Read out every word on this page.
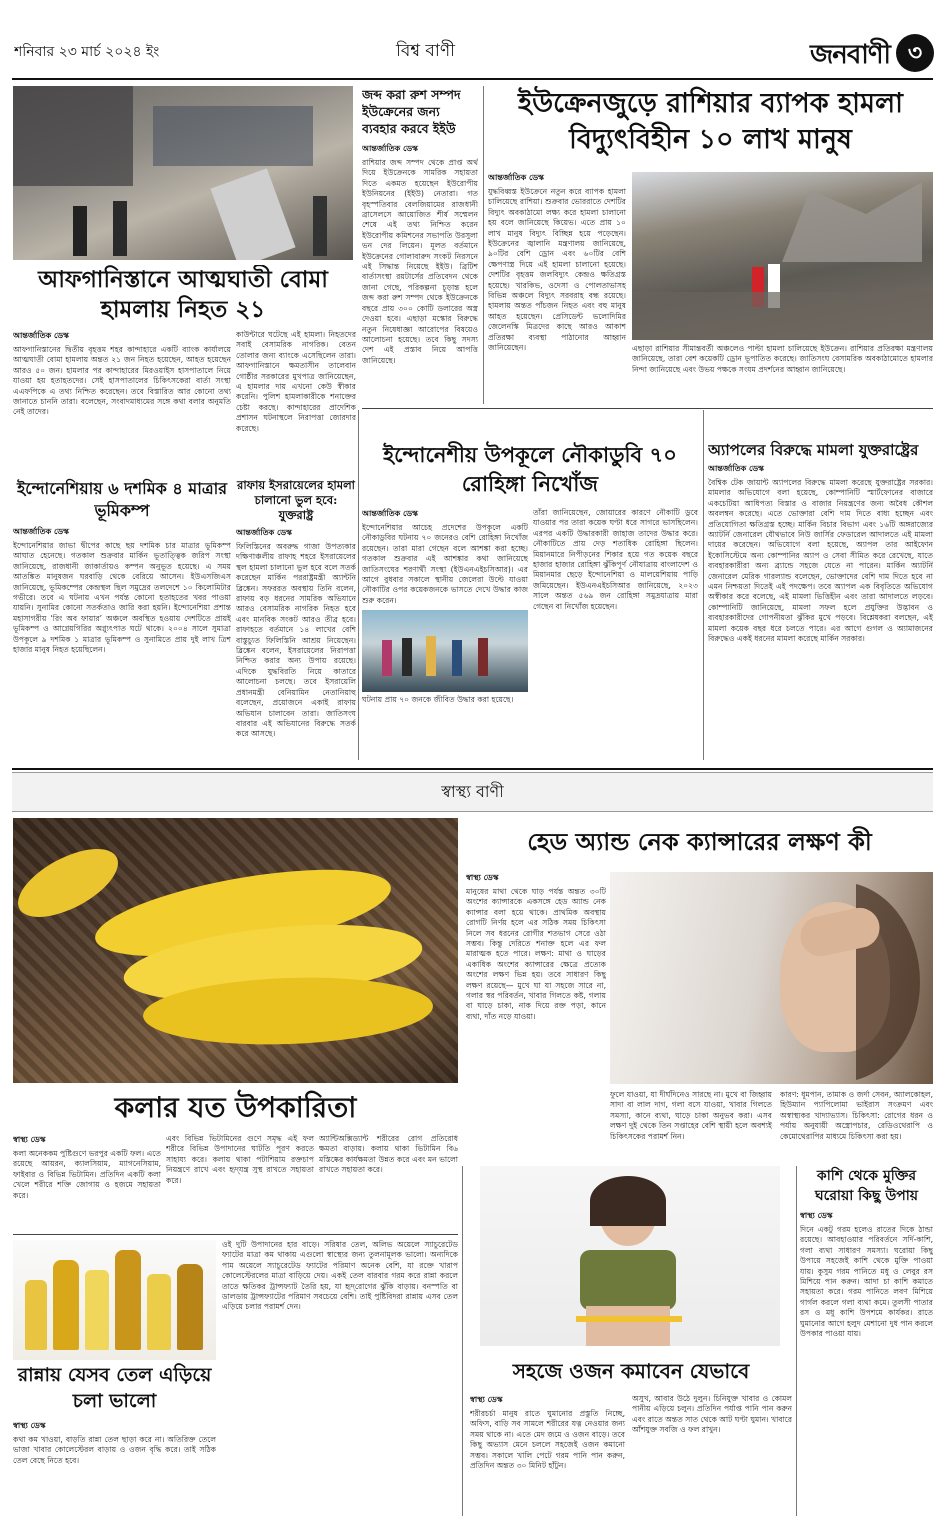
শনিবার ২৩ মার্চ ২০২৪ ইং	বিশ্ব বাণী	জনবাণী ৩
জব্দ করা রুশ সম্পদ ইউক্রেনের জন্য ব্যবহার করবে ইইউ

আন্তর্জাতিক ডেস্ক

রাশিয়ার জব্দ সম্পদ থেকে প্রাপ্ত অর্থ দিয়ে ইউক্রেনকে সামরিক সহায়তা দিতে একমত হয়েছেন ইউরোপীয় ইউনিয়নের (ইইউ) নেতারা। গত বৃহস্পতিবার বেলজিয়ামের রাজধানী ব্রাসেলসে আয়োজিত শীর্ষ সম্মেলন শেষে এই তথ্য নিশ্চিত করেন ইউরোপীয় কমিশনের সভাপতি উরসুলা ভন দের লিয়েন। মূলত বর্তমানে ইউক্রেনের গোলাবারুদ সংকট নিরসনে এই সিদ্ধান্ত নিয়েছে ইইউ। ব্রিটিশ বার্তাসংস্থা রয়টার্সের প্রতিবেদন থেকে জানা গেছে, পরিকল্পনা চূড়ান্ত হলে জব্দ করা রুশ সম্পদ থেকে ইউক্রেনকে বছরে প্রায় ৩০০ কোটি ডলারের অস্ত্র দেওয়া হবে। এছাড়া মস্কোর বিরুদ্ধে নতুন নিষেধাজ্ঞা আরোপের বিষয়েও আলোচনা হয়েছে। তবে কিছু সদস্য দেশ এই প্রস্তাব নিয়ে আপত্তি জানিয়েছে।

ইউক্রেনজুড়ে রাশিয়ার ব্যাপক হামলা বিদ্যুৎবিহীন ১০ লাখ মানুষ

আন্তর্জাতিক ডেস্ক

যুদ্ধবিধ্বস্ত ইউক্রেনে নতুন করে ব্যাপক হামলা চালিয়েছে রাশিয়া। শুক্রবার ভোররাতে দেশটির বিদ্যুৎ অবকাঠামো লক্ষ্য করে হামলা চালানো হয় বলে জানিয়েছে কিয়েভ। এতে প্রায় ১০ লাখ মানুষ বিদ্যুৎ বিচ্ছিন্ন হয়ে পড়েছেন। ইউক্রেনের জ্বালানি মন্ত্রণালয় জানিয়েছে, ৯০টির বেশি ড্রোন এবং ৬০টির বেশি ক্ষেপণাস্ত্র দিয়ে এই হামলা চালানো হয়েছে। দেশটির বৃহত্তম জলবিদ্যুৎ কেন্দ্রও ক্ষতিগ্রস্ত হয়েছে। খারকিভ, ওদেসা ও পোলতাভাসহ বিভিন্ন অঞ্চলে বিদ্যুৎ সরবরাহ বন্ধ রয়েছে। হামলায় অন্তত পাঁচজন নিহত এবং বহু মানুষ আহত হয়েছেন। প্রেসিডেন্ট ভলোদিমির জেলেনস্কি মিত্রদের কাছে আরও আকাশ প্রতিরক্ষা ব্যবস্থা পাঠানোর আহ্বান জানিয়েছেন।	এছাড়া রাশিয়ার সীমান্তবর্তী অঞ্চলেও পাল্টা হামলা চালিয়েছে ইউক্রেন। রাশিয়ার প্রতিরক্ষা মন্ত্রণালয় জানিয়েছে, তারা বেশ কয়েকটি ড্রোন ভূপাতিত করেছে। জাতিসংঘ বেসামরিক অবকাঠামোতে হামলার নিন্দা জানিয়েছে এবং উভয় পক্ষকে সংযম প্রদর্শনের আহ্বান জানিয়েছে।

আফগানিস্তানে আত্মঘাতী বোমা হামলায় নিহত ২১

আন্তর্জাতিক ডেস্ক

আফগানিস্তানের দ্বিতীয় বৃহত্তম শহর কান্দাহারে একটি ব্যাংক কার্যালয়ে আত্মঘাতী বোমা হামলায় অন্তত ২১ জন নিহত হয়েছেন, আহত হয়েছেন আরও ৫০ জন। হামলার পর কান্দাহারের মিরওয়াইস হাসপাতালে নিয়ে যাওয়া হয় হতাহতদের। সেই হাসপাতালের চিকিৎসকেরা বার্তা সংস্থা এএফপিকে এ তথ্য নিশ্চিত করেছেন। তবে বিস্তারিত আর কোনো তথ্য জানাতে চাননি তারা। বলেছেন, সংবাদমাধ্যমের সঙ্গে কথা বলার অনুমতি নেই তাদের।

কাউন্টারে ঘটেছে এই হামলা। নিহতদের সবাই বেসামরিক নাগরিক। বেতন তোলার জন্য ব্যাংকে এসেছিলেন তারা। আফগানিস্তানে ক্ষমতাসীন তালেবান গোষ্ঠীর সরকারের মুখপাত্র জানিয়েছেন, এ হামলার দায় এখনো কেউ স্বীকার করেনি। পুলিশ হামলাকারীকে শনাক্তের চেষ্টা করছে। কান্দাহারের প্রাদেশিক প্রশাসন ঘটনাস্থলে নিরাপত্তা জোরদার করেছে।

ইন্দোনেশিয়ায় ৬ দশমিক ৪ মাত্রার ভূমিকম্প

আন্তর্জাতিক ডেস্ক

ইন্দোনেশিয়ার জাভা দ্বীপের কাছে ছয় দশমিক চার মাত্রার ভূমিকম্প আঘাত হেনেছে। গতকাল শুক্রবার মার্কিন ভূতাত্ত্বিক জরিপ সংস্থা জানিয়েছে, রাজধানী জাকার্তায়ও কম্পন অনুভূত হয়েছে। এ সময় আতঙ্কিত মানুষজন ঘরবাড়ি থেকে বেরিয়ে আসেন। ইউএসজিএস জানিয়েছে, ভূমিকম্পের কেন্দ্রস্থল ছিল সমুদ্রের তলদেশে ১০ কিলোমিটার গভীরে। তবে এ ঘটনায় এখন পর্যন্ত কোনো হতাহতের খবর পাওয়া যায়নি। সুনামির কোনো সতর্কতাও জারি করা হয়নি। ইন্দোনেশিয়া প্রশান্ত মহাসাগরীয় ‘রিং অব ফায়ার’ অঞ্চলে অবস্থিত হওয়ায় দেশটিতে প্রায়ই ভূমিকম্প ও আগ্নেয়গিরির অগ্ন্যুৎপাত ঘটে থাকে। ২০০৪ সালে সুমাত্রা উপকূলে ৯ দশমিক ১ মাত্রার ভূমিকম্প ও সুনামিতে প্রায় দুই লাখ ত্রিশ হাজার মানুষ নিহত হয়েছিলেন।

রাফায় ইসরায়েলের হামলা চালানো ভুল হবে: যুক্তরাষ্ট্র

আন্তর্জাতিক ডেস্ক

ফিলিস্তিনের অবরুদ্ধ গাজা উপত্যকার দক্ষিণাঞ্চলীয় রাফাহ শহরে ইসরায়েলের স্থল হামলা চালানো ভুল হবে বলে সতর্ক করেছেন মার্কিন পররাষ্ট্রমন্ত্রী অ্যান্টনি ব্লিঙ্কেন। সফররত অবস্থায় তিনি বলেন, রাফায় বড় ধরনের সামরিক অভিযানে আরও বেসামরিক নাগরিক নিহত হবে এবং মানবিক সংকট আরও তীব্র হবে। রাফাহতে বর্তমানে ১৪ লাখের বেশি বাস্তুচ্যুত ফিলিস্তিনি আশ্রয় নিয়েছেন। ব্লিঙ্কেন বলেন, ইসরায়েলের নিরাপত্তা নিশ্চিত করার অন্য উপায় রয়েছে। এদিকে যুদ্ধবিরতি নিয়ে কাতারে আলোচনা চলছে। তবে ইসরায়েলি প্রধানমন্ত্রী বেনিয়ামিন নেতানিয়াহু বলেছেন, প্রয়োজনে একাই রাফায় অভিযান চালাবেন তারা। জাতিসংঘ বারবার এই অভিযানের বিরুদ্ধে সতর্ক করে আসছে।

ইন্দোনেশীয় উপকূলে নৌকাডুবি ৭০ রোহিঙ্গা নিখোঁজ

আন্তর্জাতিক ডেস্ক

ইন্দোনেশিয়ার আচেহ প্রদেশের উপকূলে একটি নৌকাডুবির ঘটনায় ৭০ জনেরও বেশি রোহিঙ্গা নিখোঁজ রয়েছেন। তারা মারা গেছেন বলে আশঙ্কা করা হচ্ছে। গতকাল শুক্রবার এই আশঙ্কার কথা জানিয়েছে জাতিসংঘের শরণার্থী সংস্থা (ইউএনএইচসিআর)। এর আগে বুধবার সকালে স্থানীয় জেলেরা উল্টে যাওয়া নৌকাটির ওপর কয়েকজনকে ভাসতে দেখে উদ্ধার কাজ শুরু করেন।

ঘটনায় প্রায় ৭০ জনকে জীবিত উদ্ধার করা হয়েছে।

তাঁরা জানিয়েছেন, জোয়ারের কারণে নৌকাটি ডুবে যাওয়ার পর তারা কয়েক ঘণ্টা ধরে সাগরে ভাসছিলেন। এরপর একটি উদ্ধারকারী জাহাজ তাদের উদ্ধার করে। নৌকাটিতে প্রায় দেড় শতাধিক রোহিঙ্গা ছিলেন। মিয়ানমারে নিপীড়নের শিকার হয়ে গত কয়েক বছরে হাজার হাজার রোহিঙ্গা ঝুঁকিপূর্ণ নৌযাত্রায় বাংলাদেশ ও মিয়ানমার ছেড়ে ইন্দোনেশিয়া ও মালয়েশিয়ায় পাড়ি জমিয়েছেন। ইউএনএইচসিআর জানিয়েছে, ২০২৩ সালে অন্তত ৫৬৯ জন রোহিঙ্গা সমুদ্রযাত্রায় মারা গেছেন বা নিখোঁজ হয়েছেন।

অ্যাপলের বিরুদ্ধে মামলা যুক্তরাষ্ট্রের

আন্তর্জাতিক ডেস্ক

বৈশ্বিক টেক জায়ান্ট অ্যাপলের বিরুদ্ধে মামলা করেছে যুক্তরাষ্ট্রের সরকার। মামলার অভিযোগে বলা হয়েছে, কোম্পানিটি স্মার্টফোনের বাজারে একচেটিয়া আধিপত্য বিস্তার ও বাজার নিয়ন্ত্রণের জন্য অবৈধ কৌশল অবলম্বন করেছে। এতে ভোক্তারা বেশি দাম দিতে বাধ্য হচ্ছেন এবং প্রতিযোগিতা ক্ষতিগ্রস্ত হচ্ছে। মার্কিন বিচার বিভাগ এবং ১৬টি অঙ্গরাজ্যের অ্যাটর্নি জেনারেল যৌথভাবে নিউ জার্সির ফেডারেল আদালতে এই মামলা দায়ের করেছেন। অভিযোগে বলা হয়েছে, অ্যাপল তার আইফোন ইকোসিস্টেমে অন্য কোম্পানির অ্যাপ ও সেবা সীমিত করে রেখেছে, যাতে ব্যবহারকারীরা অন্য ব্র্যান্ডে সহজে যেতে না পারেন। মার্কিন অ্যাটর্নি জেনারেল মেরিক গারল্যান্ড বলেছেন, ভোক্তাদের বেশি দাম দিতে হবে না এমন নিশ্চয়তা দিতেই এই পদক্ষেপ। তবে অ্যাপল এক বিবৃতিতে অভিযোগ অস্বীকার করে বলেছে, এই মামলা ভিত্তিহীন এবং তারা আদালতে লড়বে। কোম্পানিটি জানিয়েছে, মামলা সফল হলে প্রযুক্তির উদ্ভাবন ও ব্যবহারকারীদের গোপনীয়তা ঝুঁকির মুখে পড়বে। বিশ্লেষকরা বলছেন, এই মামলা কয়েক বছর ধরে চলতে পারে। এর আগে গুগল ও অ্যামাজনের বিরুদ্ধেও একই ধরনের মামলা করেছে মার্কিন সরকার।

স্বাস্থ্য বাণী
হেড অ্যান্ড নেক ক্যান্সারের লক্ষণ কী

স্বাস্থ্য ডেস্ক

মানুষের মাথা থেকে ঘাড় পর্যন্ত অন্তত ৩০টি অংশের ক্যান্সারকে একসঙ্গে হেড অ্যান্ড নেক ক্যান্সার বলা হয়ে থাকে। প্রাথমিক অবস্থায় রোগটি নির্ণয় হলে এর সঠিক সময় চিকিৎসা নিলে সব ধরনের রোগীর শতভাগ সেরে ওঠা সম্ভব। কিন্তু দেরিতে শনাক্ত হলে এর ফল মারাত্মক হতে পারে। লক্ষণ: মাথা ও ঘাড়ের একাধিক অংশের ক্যান্সারের ক্ষেত্রে প্রত্যেক অংশের লক্ষণ ভিন্ন হয়। তবে সাধারণ কিছু লক্ষণ রয়েছে— মুখে ঘা যা সহজে সারে না, গলার স্বর পরিবর্তন, খাবার গিলতে কষ্ট, গলায় বা ঘাড়ে চাকা, নাক দিয়ে রক্ত পড়া, কানে ব্যথা, দাঁত নড়ে যাওয়া।

ফুলে যাওয়া, যা দীর্ঘদিনেও সারছে না। মুখে বা জিহ্বায় সাদা বা লাল দাগ, গলা বসে যাওয়া, খাবার গিলতে সমস্যা, কানে ব্যথা, ঘাড়ে চাকা অনুভব করা। এসব লক্ষণ দুই থেকে তিন সপ্তাহের বেশি স্থায়ী হলে অবশ্যই চিকিৎসকের পরামর্শ নিন।

কারণ: ধূমপান, তামাক ও জর্দা সেবন, অ্যালকোহল, হিউম্যান প্যাপিলোমা ভাইরাস সংক্রমণ এবং অস্বাস্থ্যকর খাদ্যাভ্যাস। চিকিৎসা: রোগের ধরন ও পর্যায় অনুযায়ী অস্ত্রোপচার, রেডিওথেরাপি ও কেমোথেরাপির মাধ্যমে চিকিৎসা করা হয়।

কলার যত উপকারিতা

স্বাস্থ্য ডেস্ক

কলা অনেককম পুষ্টিগুণে ভরপুর একটি ফল। এতে রয়েছে আয়রন, ক্যালসিয়াম, ম্যাগনেসিয়াম, ফাইবার ও বিভিন্ন ভিটামিন। প্রতিদিন একটি কলা খেলে শরীরে শক্তি জোগায় ও হজমে সহায়তা করে।

এবং বিভিন্ন ভিটামিনের গুণে সমৃদ্ধ এই ফল শরীরে বিভিন্ন উপাদানের ঘাটতি পূরণ করতে সাহায্য করে। কলায় থাকা পটাশিয়াম রক্তচাপ নিয়ন্ত্রণে রাখে এবং হৃদ্‌যন্ত্র সুস্থ রাখতে সহায়তা করে।

অ্যান্টিঅক্সিড্যান্ট শরীরের রোগ প্রতিরোধ ক্ষমতা বাড়ায়। কলায় থাকা ভিটামিন বি৬ মস্তিষ্কের কার্যক্ষমতা উন্নত করে এবং মন ভালো রাখতে সহায়তা করে।

ওই দুটি উপাদানের হার বাড়ে। সরিষার তেল, অলিভ অয়েলে স্যাচুরেটেড ফ্যাটের মাত্রা কম থাকায় এগুলো স্বাস্থ্যের জন্য তুলনামূলক ভালো। অন্যদিকে পাম অয়েলে স্যাচুরেটেড ফ্যাটের পরিমাণ অনেক বেশি, যা রক্তে খারাপ কোলেস্টেরলের মাত্রা বাড়িয়ে দেয়। একই তেল বারবার গরম করে রান্না করলে তাতে ক্ষতিকর ট্রান্সফ্যাট তৈরি হয়, যা হৃদ্‌রোগের ঝুঁকি বাড়ায়। বনস্পতি বা ডালডায় ট্রান্সফ্যাটের পরিমাণ সবচেয়ে বেশি। তাই পুষ্টিবিদরা রান্নায় এসব তেল এড়িয়ে চলার পরামর্শ দেন।

রান্নায় যেসব তেল এড়িয়ে চলা ভালো

স্বাস্থ্য ডেস্ক

কথা কম খাওয়া, বাড়তি রান্না তেল ছাড়া করে না। অতিরিক্ত তেলে ভাজা খাবার কোলেস্টেরল বাড়ায় ও ওজন বৃদ্ধি করে। তাই সঠিক তেল বেছে নিতে হবে।

সহজে ওজন কমাবেন যেভাবে

স্বাস্থ্য ডেস্ক

শরীরচর্চা মানুষ রাতে ঘুমানোর প্রস্তুতি নিচ্ছে, অফিস, বাড়ি সব সামলে শরীরের যত্ন নেওয়ার জন্য সময় থাকে না। এতে মেদ জমে ও ওজন বাড়ে। তবে কিছু অভ্যাস মেনে চললে সহজেই ওজন কমানো সম্ভব। সকালে খালি পেটে গরম পানি পান করুন, প্রতিদিন অন্তত ৩০ মিনিট হাঁটুন।

অসুখ, আবার উঠে দুলুন। চিনিযুক্ত খাবার ও কোমল পানীয় এড়িয়ে চলুন। প্রতিদিন পর্যাপ্ত পানি পান করুন এবং রাতে অন্তত সাত থেকে আট ঘণ্টা ঘুমান। খাবারে আঁশযুক্ত সবজি ও ফল রাখুন।

কাশি থেকে মুক্তির ঘরোয়া কিছু উপায়

স্বাস্থ্য ডেস্ক

দিনে একটু গরম হলেও রাতের দিকে ঠান্ডা রয়েছে। আবহাওয়ার পরিবর্তনে সর্দি-কাশি, গলা ব্যথা সাধারণ সমস্যা। ঘরোয়া কিছু উপায়ে সহজেই কাশি থেকে মুক্তি পাওয়া যায়। কুসুম গরম পানিতে মধু ও লেবুর রস মিশিয়ে পান করুন। আদা চা কাশি কমাতে সহায়তা করে। গরম পানিতে লবণ মিশিয়ে গার্গল করলে গলা ব্যথা কমে। তুলসী পাতার রস ও মধু কাশি উপশমে কার্যকর। রাতে ঘুমানোর আগে হলুদ মেশানো দুধ পান করলে উপকার পাওয়া যায়।
